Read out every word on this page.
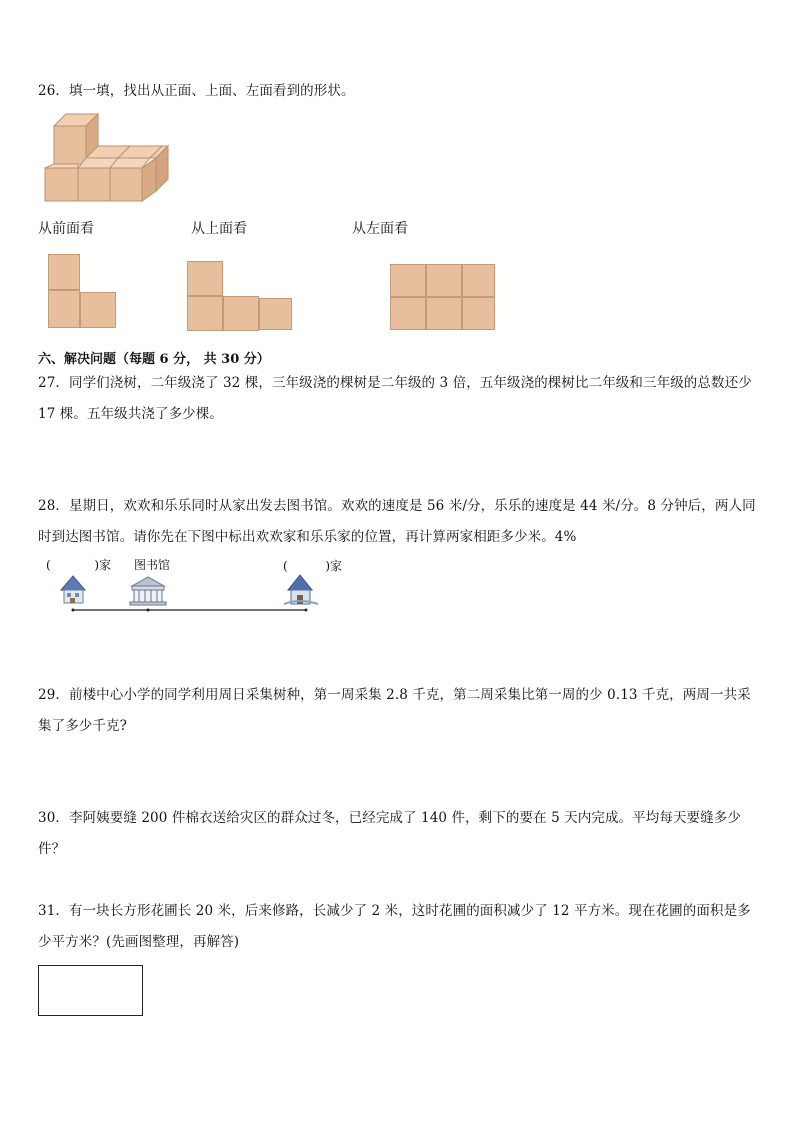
26．填一填，找出从正面、上面、左面看到的形状。
从前面看	从上面看	从左面看
六、解决问题（每题 6 分， 共 30 分）

27．同学们浇树，二年级浇了 32 棵，三年级浇的棵树是二年级的 3 倍，五年级浇的棵树比二年级和三年级的总数还少

17 棵。五年级共浇了多少棵。

28．星期日，欢欢和乐乐同时从家出发去图书馆。欢欢的速度是 56 米/分，乐乐的速度是 44 米/分。8 分钟后，两人同

时到达图书馆。请你先在下图中标出欢欢家和乐乐家的位置，再计算两家相距多少米。4%

(	)家 图书馆	(	)家

29．前楼中心小学的同学利用周日采集树种，第一周采集 2.8 千克，第二周采集比第一周的少 0.13 千克，两周一共采

集了多少千克?

30．李阿姨要缝 200 件棉衣送给灾区的群众过冬，已经完成了 140 件，剩下的要在 5 天内完成。平均每天要缝多少件？

31．有一块长方形花圃长 20 米，后来修路，长减少了 2 米，这时花圃的面积减少了 12 平方米。现在花圃的面积是多

少平方米？(先画图整理，再解答)
